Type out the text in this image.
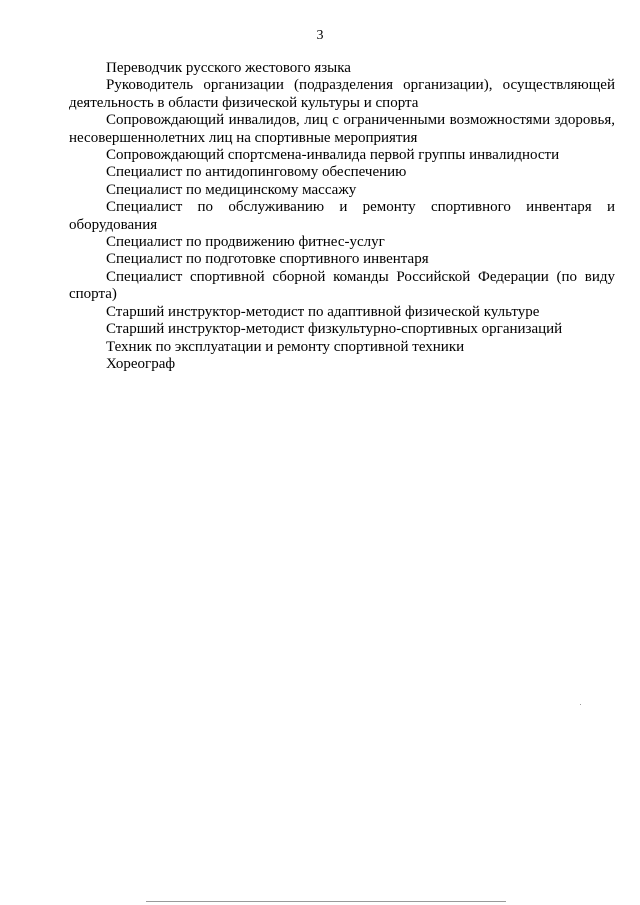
3

Переводчик русского жестового языка

Руководитель организации (подразделения организации), осуществляющей деятельность в области физической культуры и спорта

Сопровождающий инвалидов, лиц с ограниченными возможностями здоровья, несовершеннолетних лиц на спортивные мероприятия

Сопровождающий спортсмена-инвалида первой группы инвалидности

Специалист по антидопинговому обеспечению

Специалист по медицинскому массажу

Специалист по обслуживанию и ремонту спортивного инвентаря и оборудования

Специалист по продвижению фитнес-услуг

Специалист по подготовке спортивного инвентаря

Специалист спортивной сборной команды Российской Федерации (по виду спорта)

Старший инструктор-методист по адаптивной физической культуре

Старший инструктор-методист физкультурно-спортивных организаций

Техник по эксплуатации и ремонту спортивной техники

Хореограф
